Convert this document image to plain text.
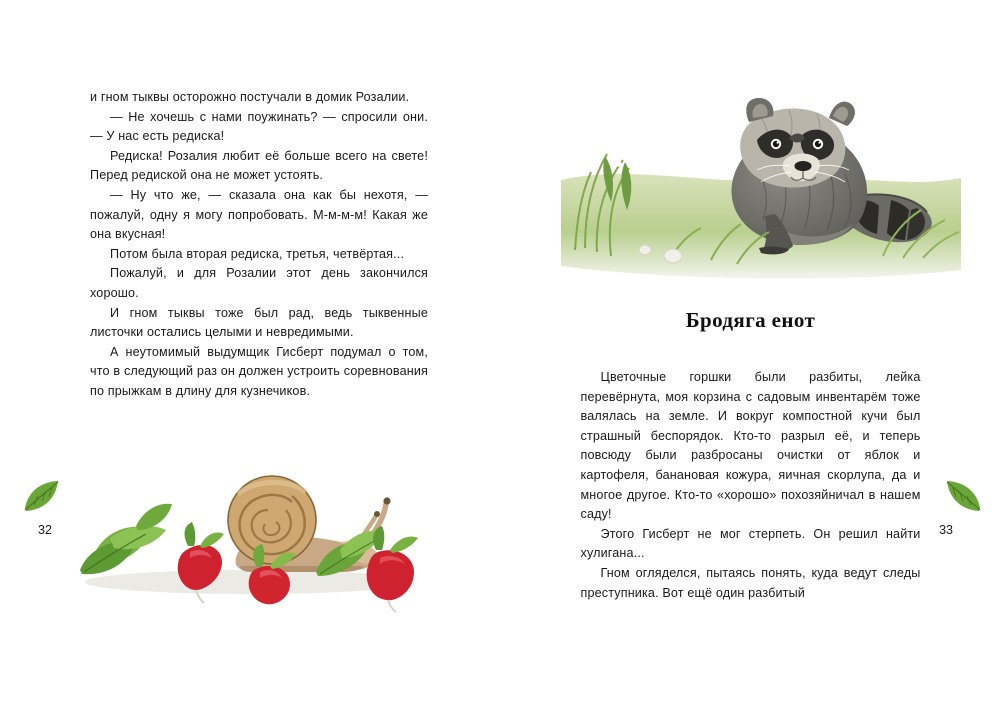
и гном тыквы осторожно постучали в домик Розалии.

— Не хочешь с нами поужинать? — спросили они. — У нас есть редиска!

Редиска! Розалия любит её больше всего на свете! Перед редиской она не может устоять.

— Ну что же, — сказала она как бы нехотя, — пожалуй, одну я могу попробовать. М-м-м-м! Какая же она вкусная!

Потом была вторая редиска, третья, четвёртая...

Пожалуй, и для Розалии этот день закончился хорошо.

И гном тыквы тоже был рад, ведь тыквенные листочки остались целыми и невредимыми.

А неутомимый выдумщик Гисберт подумал о том, что в следующий раз он должен устроить соревнования по прыжкам в длину для кузнечиков.

32
Бродяга енот

Цветочные горшки были разбиты, лейка перевёрнута, моя корзина с садовым инвентарём тоже валялась на земле. И вокруг компостной кучи был страшный беспорядок. Кто-то разрыл её, и теперь повсюду были разбросаны очистки от яблок и картофеля, банановая кожура, яичная скорлупа, да и многое другое. Кто-то «хорошо» похозяйничал в нашем саду!

Этого Гисберт не мог стерпеть. Он решил найти хулигана...

Гном огляделся, пытаясь понять, куда ведут следы преступника. Вот ещё один разбитый

33
